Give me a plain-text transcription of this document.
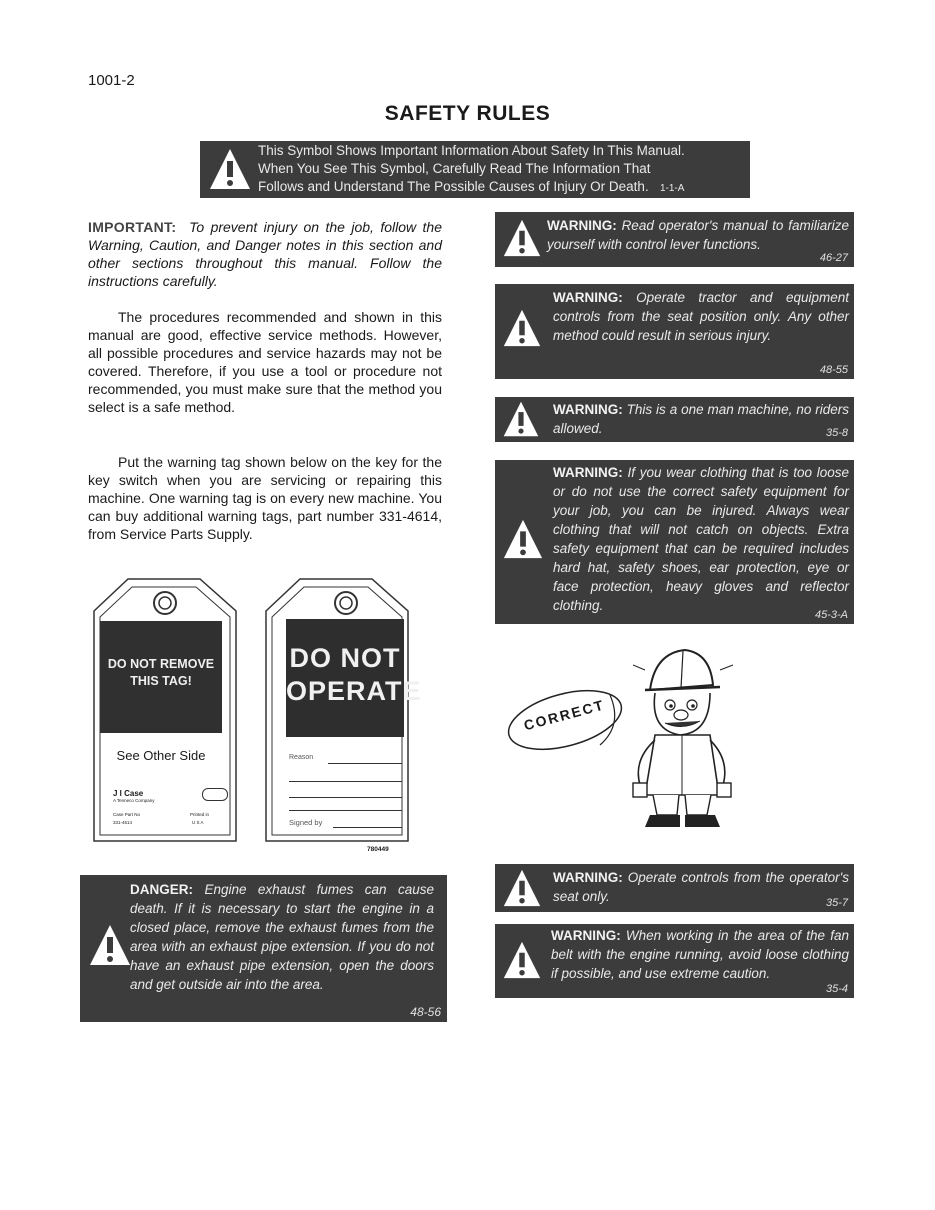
1001-2
SAFETY RULES
This Symbol Shows Important Information About Safety In This Manual.
When You See This Symbol, Carefully Read The Information That
Follows and Understand The Possible Causes of Injury Or Death. 1-1-A
IMPORTANT: To prevent injury on the job, follow the Warning, Caution, and Danger notes in this section and other sections throughout this manual. Follow the instructions carefully.
The procedures recommended and shown in this manual are good, effective service methods. However, all possible procedures and service hazards may not be covered. Therefore, if you use a tool or procedure not recommended, you must make sure that the method you select is a safe method.
Put the warning tag shown below on the key for the key switch when you are servicing or repairing this machine. One warning tag is on every new machine. You can buy additional warning tags, part number 331-4614, from Service Parts Supply.
DO NOT REMOVE
THIS TAG!
See Other Side
J I Case
A Tenneco Company
Case Part No
331-4614
Printed in
U S A
DO NOT
OPERATE
Reason
Signed by
780449
DANGER: Engine exhaust fumes can cause death. If it is necessary to start the engine in a closed place, remove the exhaust fumes from the area with an exhaust pipe extension. If you do not have an exhaust pipe extension, open the doors and get outside air into the area.
48-56
WARNING: Read operator's manual to familiarize yourself with control lever functions.
46-27
WARNING: Operate tractor and equipment controls from the seat position only. Any other method could result in serious injury.
48-55
WARNING: This is a one man machine, no riders allowed.	35-8
WARNING: If you wear clothing that is too loose or do not use the correct safety equipment for your job, you can be injured. Always wear clothing that will not catch on objects. Extra safety equipment that can be required includes hard hat, safety shoes, ear protection, eye or face protection, heavy gloves and reflector clothing.
45-3-A
CORRECT
WARNING: Operate controls from the operator's seat only.	35-7
WARNING: When working in the area of the fan belt with the engine running, avoid loose clothing if possible, and use extreme caution.
35-4
